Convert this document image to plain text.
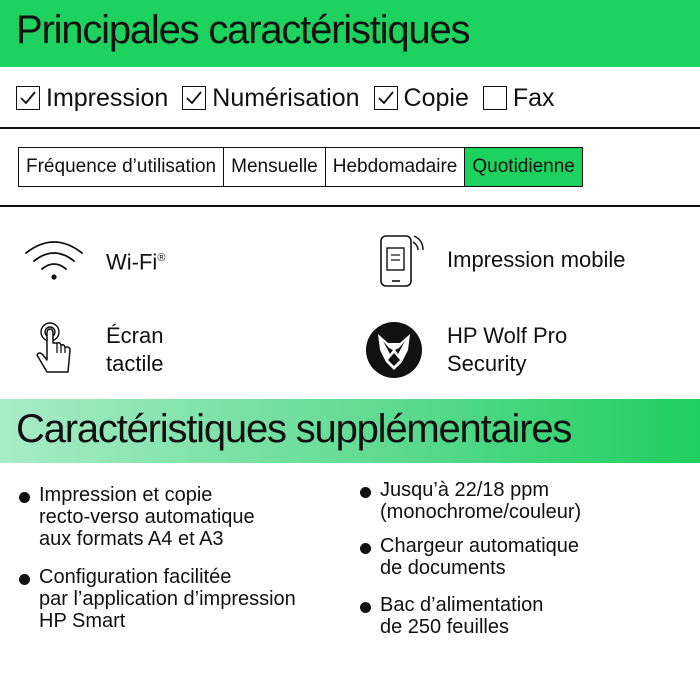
Principales caractéristiques
Impression Numérisation Copie Fax
Fréquence d’utilisation Mensuelle Hebdomadaire Quotidienne
Wi-Fi®	Impression mobile
Écran
tactile
HP Wolf Pro
Security
Caractéristiques supplémentaires
Impression et copie
recto-verso automatique
aux formats A4 et A3
Configuration facilitée
par l’application d’impression
HP Smart
Jusqu’à 22/18 ppm
(monochrome/couleur)
Chargeur automatique
de documents
Bac d’alimentation
de 250 feuilles
